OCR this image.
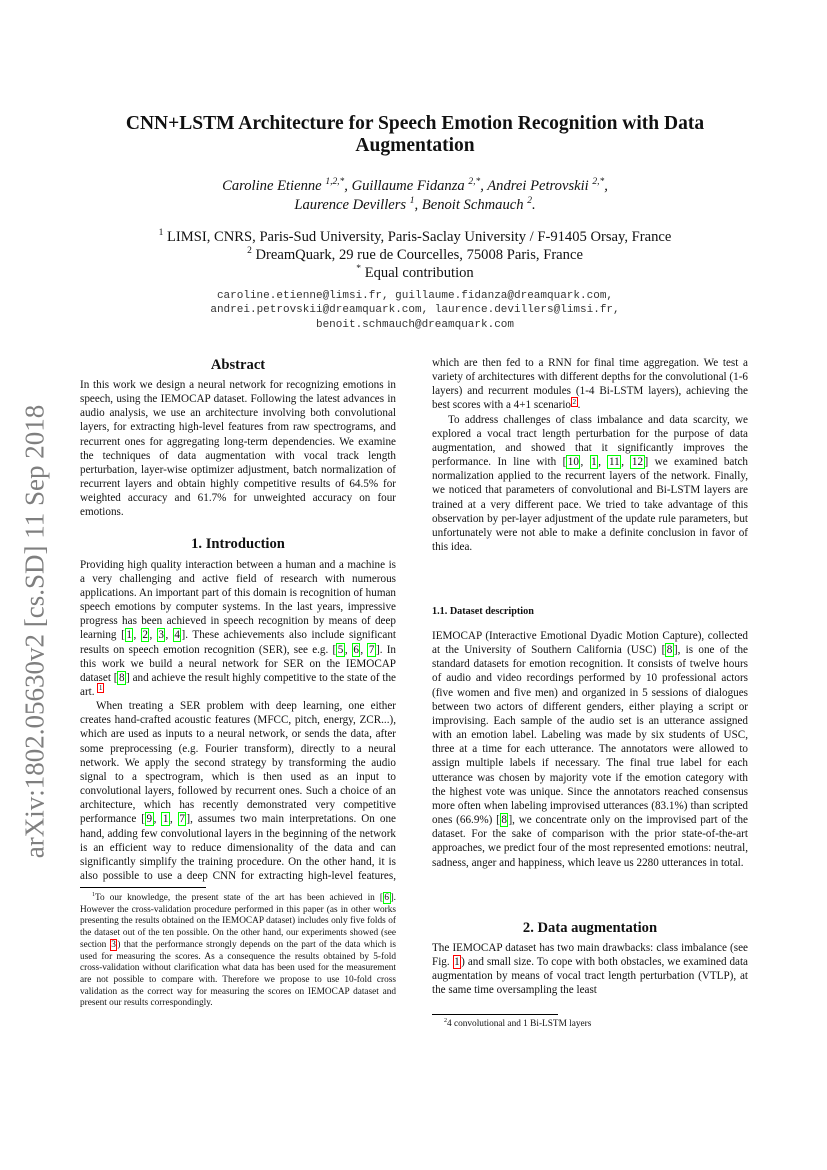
arXiv:1802.05630v2 [cs.SD] 11 Sep 2018
CNN+LSTM Architecture for Speech Emotion Recognition with Data Augmentation
Caroline Etienne $^{1,2,*}$, Guillaume Fidanza $^{2,*}$, Andrei Petrovskii $^{2,*}$,
Laurence Devillers $^1$, Benoit Schmauch $^2$.
$^1$ LIMSI, CNRS, Paris-Sud University, Paris-Saclay University / F-91405 Orsay, France
$^2$ DreamQuark, 29 rue de Courcelles, 75008 Paris, France
* Equal contribution
caroline.etienne@limsi.fr, guillaume.fidanza@dreamquark.com,
andrei.petrovskii@dreamquark.com, laurence.devillers@limsi.fr,
benoit.schmauch@dreamquark.com
Abstract

In this work we design a neural network for recognizing emotions in speech, using the IEMOCAP dataset. Following the latest advances in audio analysis, we use an architecture involving both convolutional layers, for extracting high-level features from raw spectrograms, and recurrent ones for aggregating long-term dependencies. We examine the techniques of data augmentation with vocal track length perturbation, layer-wise optimizer adjustment, batch normalization of recurrent layers and obtain highly competitive results of 64.5% for weighted accuracy and 61.7% for unweighted accuracy on four emotions.

1. Introduction

Providing high quality interaction between a human and a machine is a very challenging and active field of research with numerous applications. An important part of this domain is recognition of human speech emotions by computer systems. In the last years, impressive progress has been achieved in speech recognition by means of deep learning [ 1 , 2 , 3 , 4 ]. These achievements also include significant results on speech emotion recognition (SER), see e.g. [ 5 , 6 , 7 ]. In this work we build a neural network for SER on the IEMOCAP dataset [ 8 ] and achieve the result highly competitive to the state of the art. $^1$

When treating a SER problem with deep learning, one either creates hand-crafted acoustic features (MFCC, pitch, energy, ZCR...), which are used as inputs to a neural network, or sends the data, after some preprocessing (e.g. Fourier transform), directly to a neural network. We apply the second strategy by transforming the audio signal to a spectrogram, which is then used as an input to convolutional layers, followed by recurrent ones. Such a choice of an architecture, which has recently demonstrated very competitive performance [ 9 , 1 , 7 ], assumes two main interpretations. On one hand, adding few convolutional layers in the beginning of the network is an efficient way to reduce dimensionality of the data and can significantly simplify the training procedure. On the other hand, it is also possible to use a deep CNN for extracting high-level features, which are then fed to a RNN for final time aggregation. We test a variety of architectures with different depths for the convolutional (1-6 layers) and recurrent modules (1-4 Bi-LSTM layers), achieving the best scores with a 4+1 scenario $^2$ .

To address challenges of class imbalance and data scarcity, we explored a vocal tract length perturbation for the purpose of data augmentation, and showed that it significantly improves the performance. In line with [ 10 , 1 , 11 , 12 ] we examined batch normalization applied to the recurrent layers of the network. Finally, we noticed that parameters of convolutional and Bi-LSTM layers are trained at a very different pace. We tried to take advantage of this observation by per-layer adjustment of the update rule parameters, but unfortunately were not able to make a definite conclusion in favor of this idea.

$^1$To our knowledge, the present state of the art has been achieved in [ 6 ]. However the cross-validation procedure performed in this paper (as in other works presenting the results obtained on the IEMOCAP dataset) includes only five folds of the dataset out of the ten possible. On the other hand, our experiments showed (see section 3 ) that the performance strongly depends on the part of the data which is used for measuring the scores. As a consequence the results obtained by 5-fold cross-validation without clarification what data has been used for the measurement are not possible to compare with. Therefore we propose to use 10-fold cross validation as the correct way for measuring the scores on IEMOCAP dataset and present our results correspondingly.

1.1. Dataset description

IEMOCAP (Interactive Emotional Dyadic Motion Capture), collected at the University of Southern California (USC) [ 8 ], is one of the standard datasets for emotion recognition. It consists of twelve hours of audio and video recordings performed by 10 professional actors (five women and five men) and organized in 5 sessions of dialogues between two actors of different genders, either playing a script or improvising. Each sample of the audio set is an utterance assigned with an emotion label. Labeling was made by six students of USC, three at a time for each utterance. The annotators were allowed to assign multiple labels if necessary. The final true label for each utterance was chosen by majority vote if the emotion category with the highest vote was unique. Since the annotators reached consensus more often when labeling improvised utterances (83.1%) than scripted ones (66.9%) [ 8 ], we concentrate only on the improvised part of the dataset. For the sake of comparison with the prior state-of-the-art approaches, we predict four of the most represented emotions: neutral, sadness, anger and happiness, which leave us 2280 utterances in total.

2. Data augmentation

The IEMOCAP dataset has two main drawbacks: class imbalance (see Fig. 1 ) and small size. To cope with both obstacles, we examined data augmentation by means of vocal tract length perturbation (VTLP), at the same time oversampling the least

$^2$4 convolutional and 1 Bi-LSTM layers
